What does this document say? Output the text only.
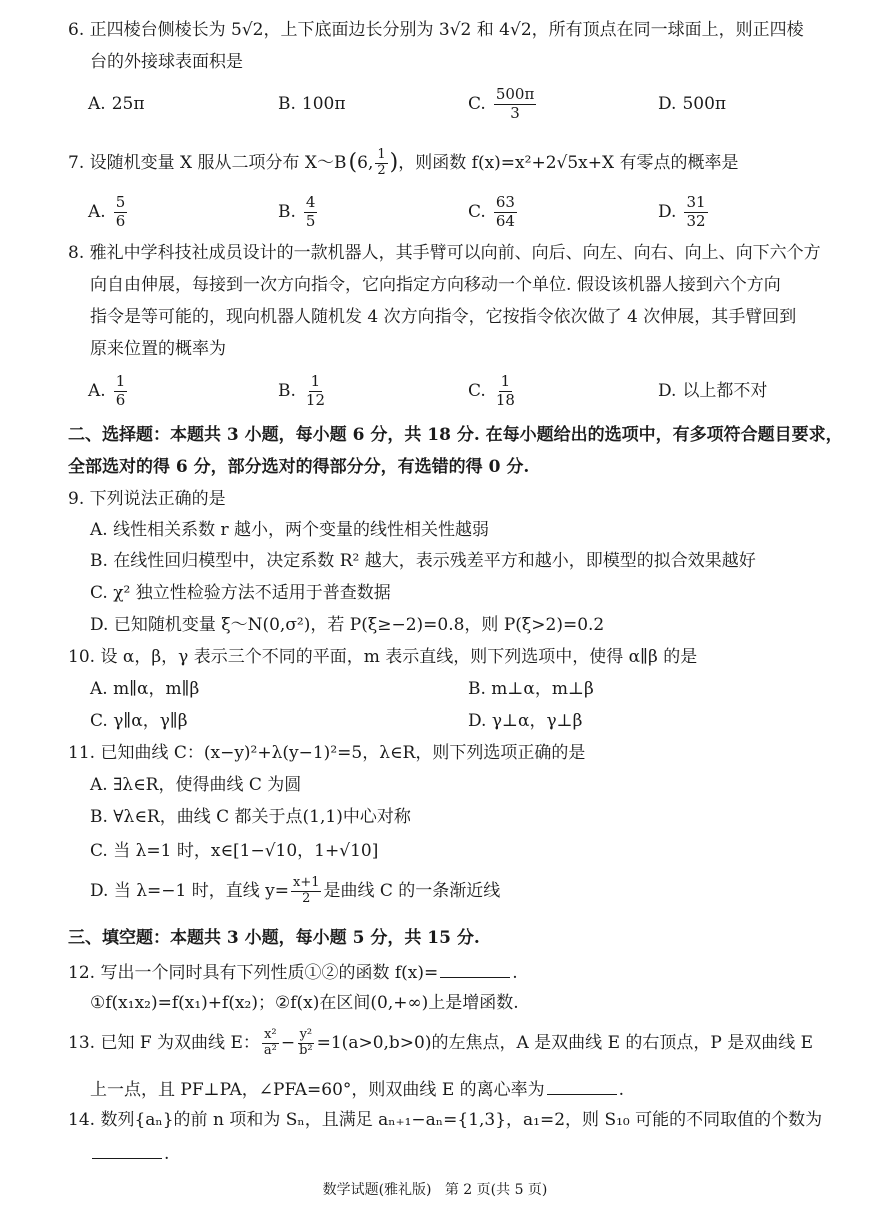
6. 正四棱台侧棱长为 5√2，上下底面边长分别为 3√2 和 4√2，所有顶点在同一球面上，则正四棱
台的外接球表面积是
A. 25π	B. 100π	C. $\frac{500\pi}{3}$	D. 500π
7. 设随机变量 X 服从二项分布 X～B ( 6 , $\frac{1}{2}$ ) ，则函数 f(x)=x²+2√5x+X 有零点的概率是
A. $\frac{5}{6}$	B. $\frac{4}{5}$	C. $\frac{63}{64}$	D. $\frac{31}{32}$
8. 雅礼中学科技社成员设计的一款机器人，其手臂可以向前、向后、向左、向右、向上、向下六个方
向自由伸展，每接到一次方向指令，它向指定方向移动一个单位. 假设该机器人接到六个方向
指令是等可能的，现向机器人随机发 4 次方向指令，它按指令依次做了 4 次伸展，其手臂回到
原来位置的概率为
A. $\frac{1}{6}$	B. $\frac{1}{12}$	C. $\frac{1}{18}$	D. 以上都不对
二、选择题：本题共 3 小题，每小题 6 分，共 18 分. 在每小题给出的选项中，有多项符合题目要求，
全部选对的得 6 分，部分选对的得部分分，有选错的得 0 分.
9. 下列说法正确的是
A. 线性相关系数 r 越小，两个变量的线性相关性越弱
B. 在线性回归模型中，决定系数 R² 越大，表示残差平方和越小，即模型的拟合效果越好
C. χ² 独立性检验方法不适用于普查数据
D. 已知随机变量 ξ～N(0,σ²)，若 P(ξ≥−2)=0.8，则 P(ξ>2)=0.2
10. 设 α，β，γ 表示三个不同的平面，m 表示直线，则下列选项中，使得 α∥β 的是
A. m∥α，m∥β	B. m⊥α，m⊥β
C. γ∥α，γ∥β	D. γ⊥α，γ⊥β
11. 已知曲线 C：(x−y)²+λ(y−1)²=5，λ∈R，则下列选项正确的是
A. ∃λ∈R，使得曲线 C 为圆
B. ∀λ∈R，曲线 C 都关于点(1,1)中心对称
C. 当 λ=1 时，x∈[1−√10，1+√10]
D. 当 λ=−1 时，直线 $y= \frac{x+1}{2}$ 是曲线 C 的一条渐近线
三、填空题：本题共 3 小题，每小题 5 分，共 15 分.
12. 写出一个同时具有下列性质①②的函数 f(x)=	.
①f(x₁x₂)=f(x₁)+f(x₂)；②f(x)在区间(0,+∞)上是增函数.
13. 已知 F 为双曲线 E： $\frac{\text{x²}}{\text{a²}} - \frac{\text{y²}}{\text{b²}} =1(a>0,b>0)$的左焦点，A 是双曲线 E 的右顶点，P 是双曲线 E
上一点，且 PF⊥PA，∠PFA=60°，则双曲线 E 的离心率为	.
14. 数列{aₙ}的前 n 项和为 Sₙ，且满足 aₙ₊₁−aₙ={1,3}，a₁=2，则 S₁₀ 可能的不同取值的个数为
.
数学试题(雅礼版)   第 2 页(共 5 页)
